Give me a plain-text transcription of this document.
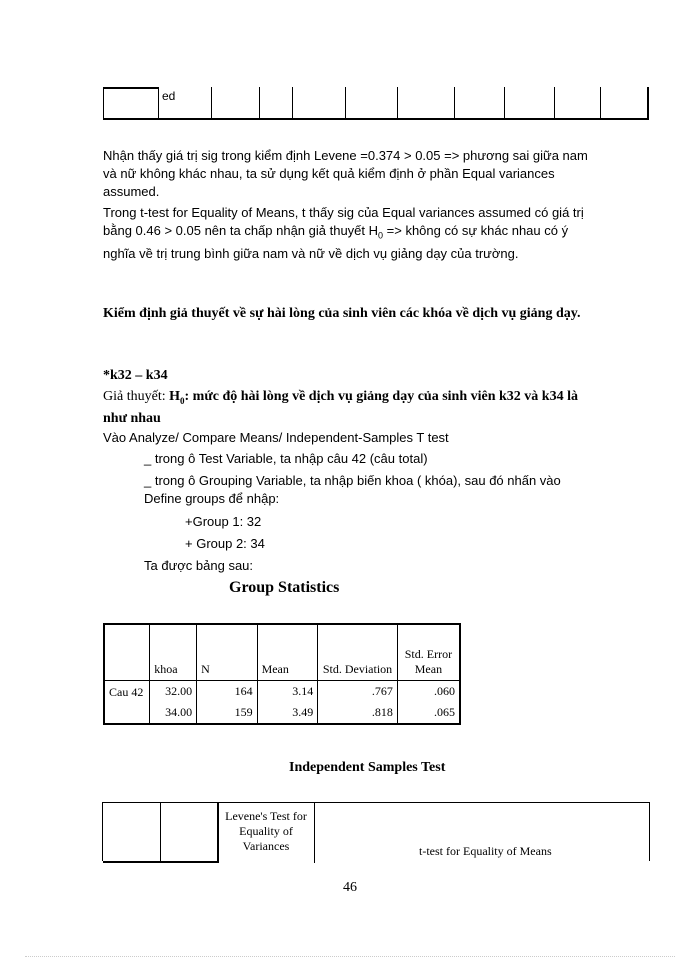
ed
Nhận thấy giá trị sig trong kiểm định Levene =0.374 > 0.05 => phương sai giữa nam và nữ không khác nhau, ta sử dụng kết quả kiểm định ở phần Equal variances assumed.
Trong t-test for Equality of Means, t thấy sig của Equal variances assumed có giá trị bằng 0.46 > 0.05 nên ta chấp nhận giả thuyết $H_0$ => không có sự khác nhau có ý nghĩa về trị trung bình giữa nam và nữ về dịch vụ giảng dạy của trường.
Kiểm định giả thuyết về sự hài lòng của sinh viên các khóa về dịch vụ giảng dạy.
*k32 – k34
Giả thuyết: $H_0$: mức độ hài lòng về dịch vụ giảng dạy của sinh viên k32 và k34 là như nhau
Vào Analyze/ Compare Means/ Independent-Samples T test
_ trong ô Test Variable, ta nhập câu 42 (câu total)
_ trong ô Grouping Variable, ta nhập biến khoa ( khóa), sau đó nhấn vào Define groups để nhập:
+Group 1: 32
+ Group 2: 34
Ta được bảng sau:
Group Statistics
	khoa	N	Mean	Std. Deviation	Std. Error Mean
Cau 42	32.00	164	3.14	.767	.060
	34.00	159	3.49	.818	.065
Independent Samples Test
Levene's Test for Equality of Variances	t-test for Equality of Means
46
